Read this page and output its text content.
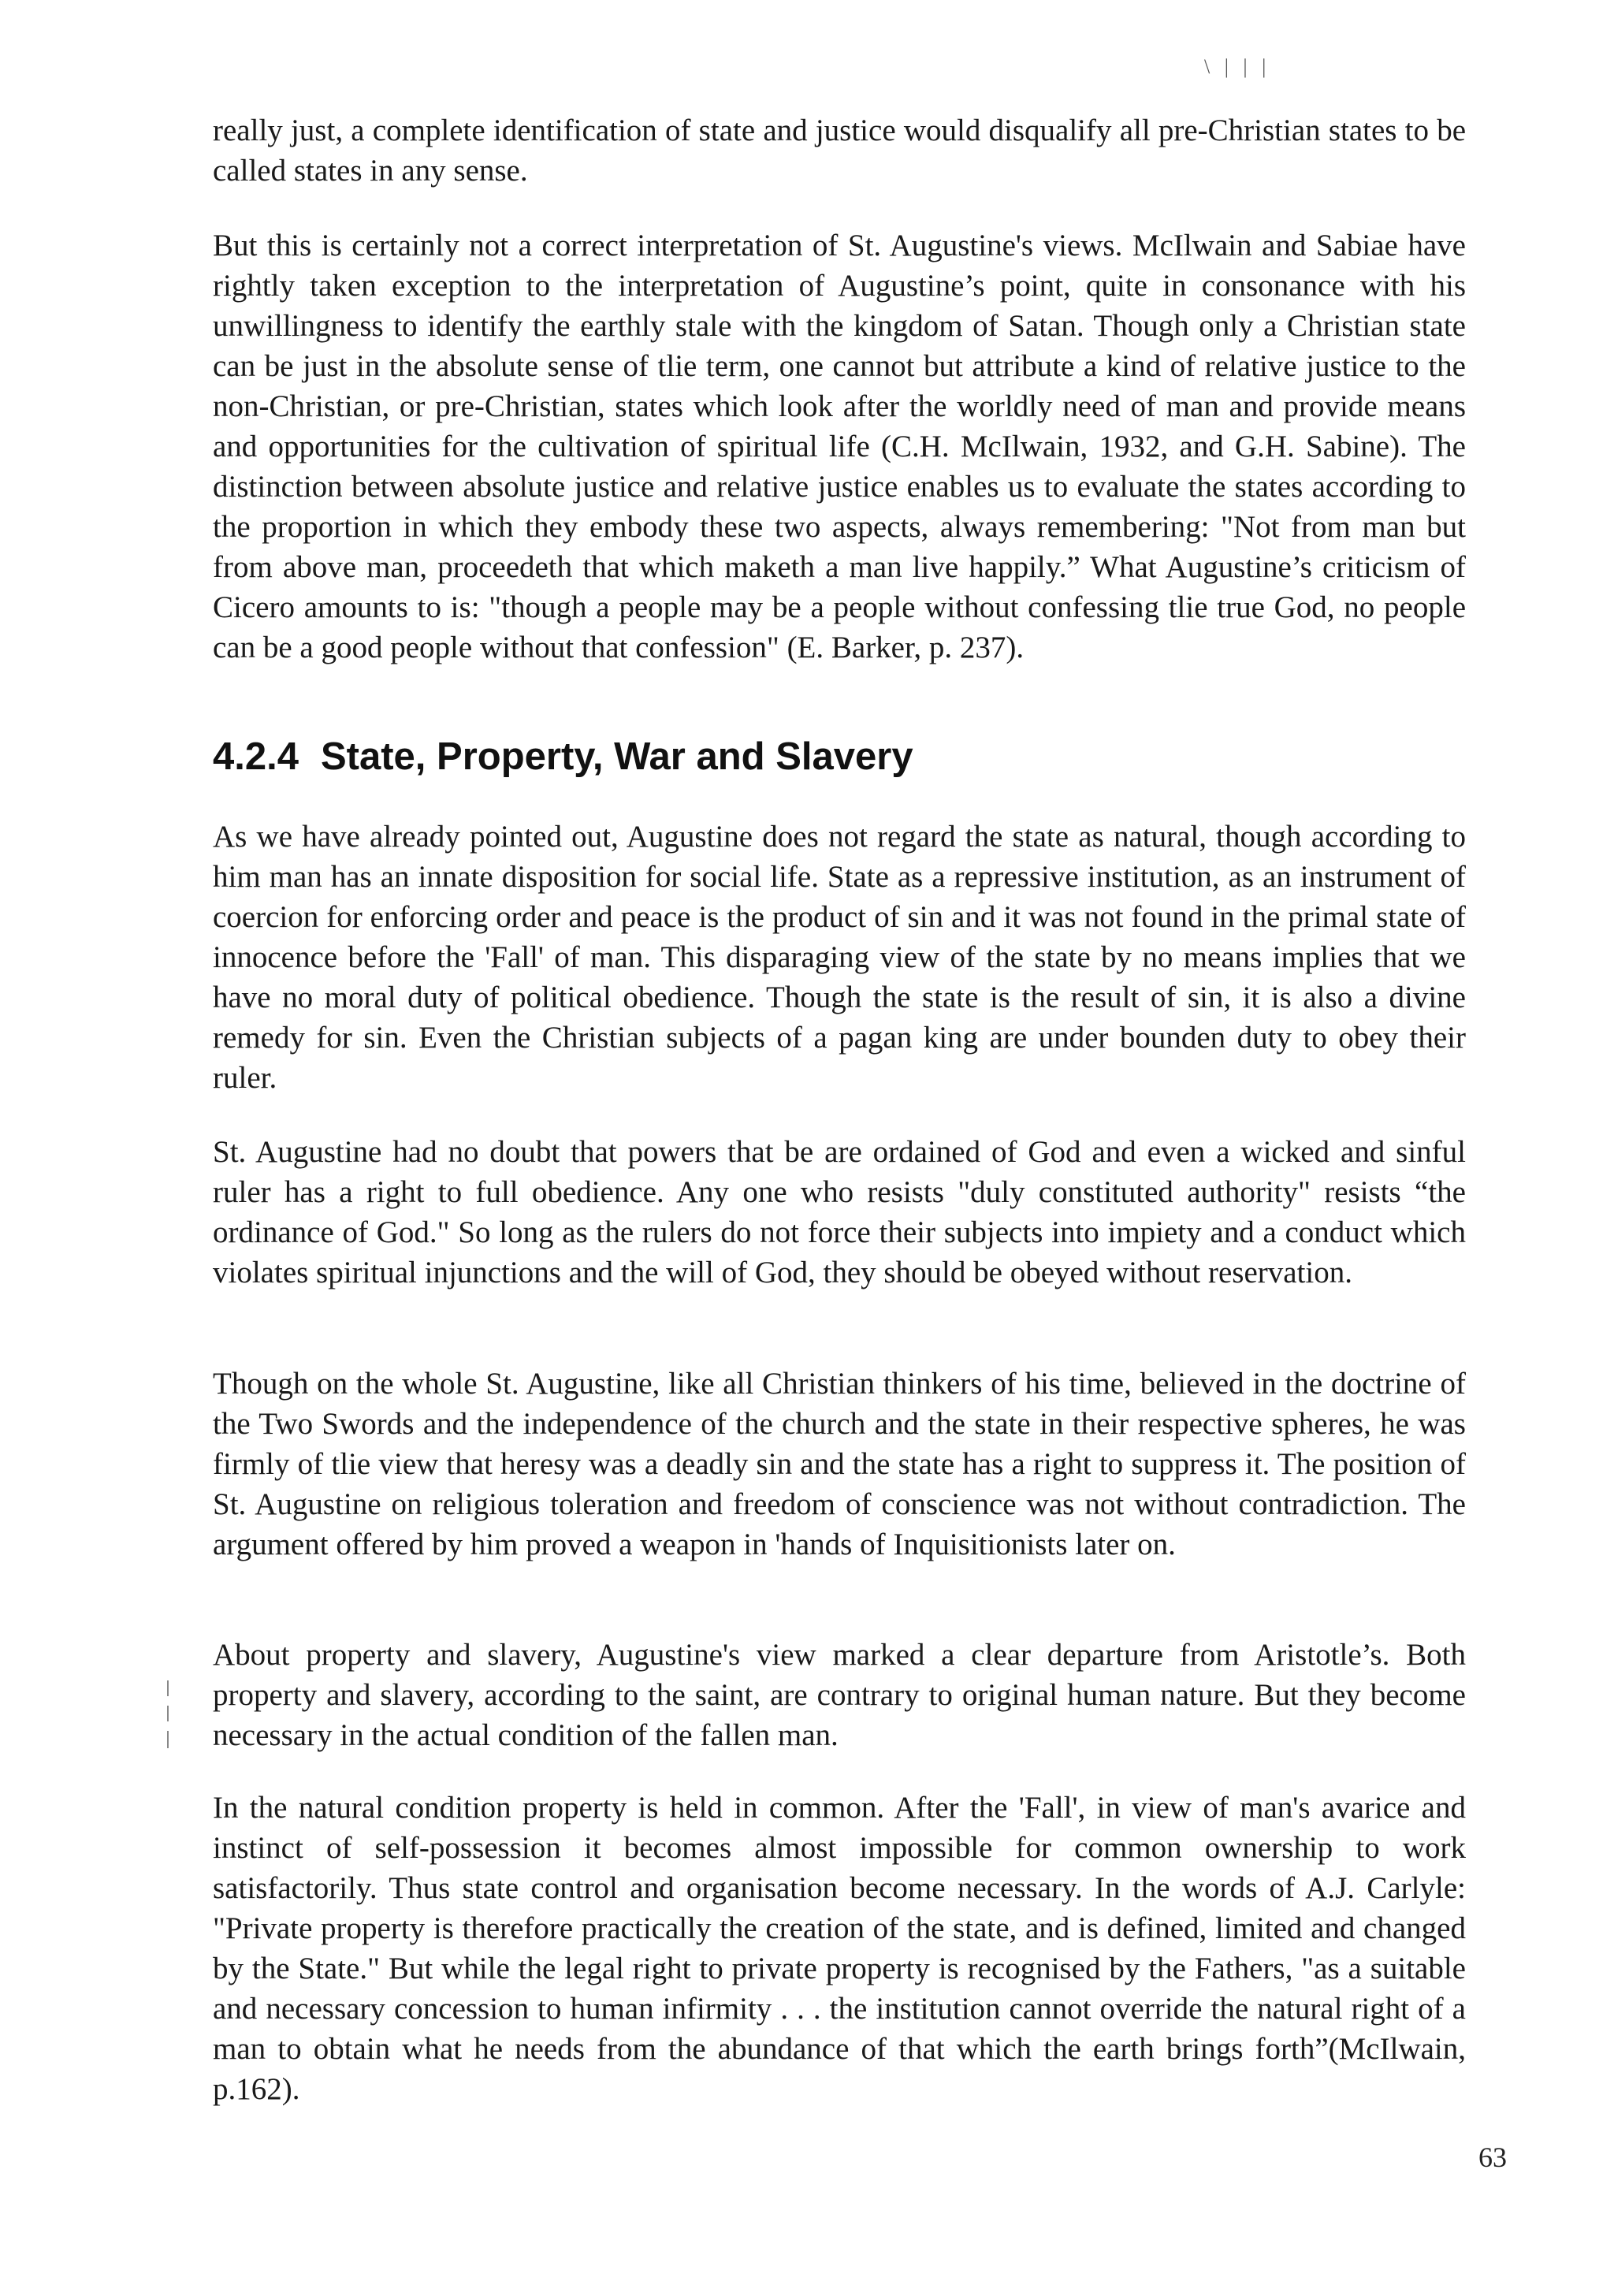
\ | | |

really just, a complete identification of state and justice would disqualify all pre-Christian states to be called states in any sense.

But this is certainly not a correct interpretation of St. Augustine's views. McIlwain and Sabiae have rightly taken exception to the interpretation of Augustine’s point, quite in consonance with his unwillingness to identify the earthly stale with the kingdom of Satan. Though only a Christian state can be just in the absolute sense of tlie term, one cannot but attribute a kind of relative justice to the non-Christian, or pre-Christian, states which look after the worldly need of man and provide means and opportunities for the cultivation of spiritual life (C.H. McIlwain, 1932, and G.H. Sabine). The distinction between absolute justice and relative justice enables us to evaluate the states according to the proportion in which they embody these two aspects, always remembering: "Not from man but from above man, proceedeth that which maketh a man live happily.” What Augustine’s criticism of Cicero amounts to is: "though a people may be a people without confessing tlie true God, no people can be a good people without that confession" (E. Barker, p. 237).

4.2.4 State, Property, War and Slavery

As we have already pointed out, Augustine does not regard the state as natural, though according to him man has an innate disposition for social life. State as a repressive institution, as an instrument of coercion for enforcing order and peace is the product of sin and it was not found in the primal state of innocence before the 'Fall' of man. This disparaging view of the state by no means implies that we have no moral duty of political obedience. Though the state is the result of sin, it is also a divine remedy for sin. Even the Christian subjects of a pagan king are under bounden duty to obey their ruler.

St. Augustine had no doubt that powers that be are ordained of God and even a wicked and sinful ruler has a right to full obedience. Any one who resists "duly constituted authority" resists “the ordinance of God." So long as the rulers do not force their subjects into impiety and a conduct which violates spiritual injunctions and the will of God, they should be obeyed without reservation.

Though on the whole St. Augustine, like all Christian thinkers of his time, believed in the doctrine of the Two Swords and the independence of the church and the state in their respective spheres, he was firmly of tlie view that heresy was a deadly sin and the state has a right to suppress it. The position of St. Augustine on religious toleration and freedom of conscience was not without contradiction. The argument offered by him proved a weapon in 'hands of Inquisitionists later on.

About property and slavery, Augustine's view marked a clear departure from Aristotle’s. Both property and slavery, according to the saint, are contrary to original human nature. But they become necessary in the actual condition of the fallen man.

In the natural condition property is held in common. After the 'Fall', in view of man's avarice and instinct of self-possession it becomes almost impossible for common ownership to work satisfactorily. Thus state control and organisation become necessary. In the words of A.J. Carlyle: "Private property is therefore practically the creation of the state, and is defined, limited and changed by the State." But while the legal right to private property is recognised by the Fathers, "as a suitable and necessary concession to human infirmity . . . the institution cannot override the natural right of a man to obtain what he needs from the abundance of that which the earth brings forth”(McIlwain, p.162).

63
